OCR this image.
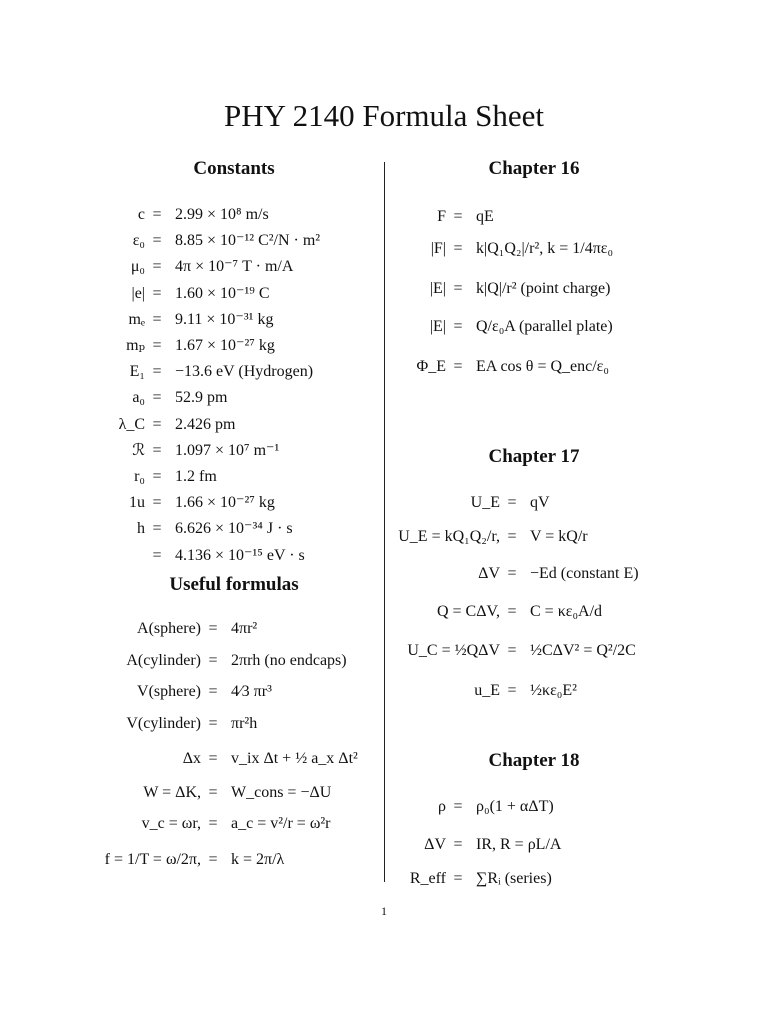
PHY 2140 Formula Sheet
Constants
Useful formulas
Chapter 16
Chapter 17
Chapter 18
c = 2.99 × 10⁸ m/s
ε₀ = 8.85 × 10⁻¹² C²/N · m²
μ₀ = 4π × 10⁻⁷ T · m/A
|e| = 1.60 × 10⁻¹⁹ C
mₑ = 9.11 × 10⁻³¹ kg
mₚ = 1.67 × 10⁻²⁷ kg
E₁ = −13.6 eV (Hydrogen)
a₀ = 52.9 pm
λ_C = 2.426 pm
ℛ = 1.097 × 10⁷ m⁻¹
r₀ = 1.2 fm
1u = 1.66 × 10⁻²⁷ kg
h = 6.626 × 10⁻³⁴ J · s
= 4.136 × 10⁻¹⁵ eV · s
A(sphere) = 4πr²
A(cylinder) = 2πrh (no endcaps)
V(sphere) = 4⁄3 πr³
V(cylinder) = πr²h
Δx = v_ix Δt + ½ a_x Δt²
W = ΔK, = W_cons = −ΔU
v_c = ωr, = a_c = v²/r = ω²r
f = 1/T = ω/2π, = k = 2π/λ
F = qE
|F| = k|Q₁Q₂|/r², k = 1/4πε₀
|E| = k|Q|/r² (point charge)
|E| = Q/ε₀A (parallel plate)
Φ_E = EA cos θ = Q_enc/ε₀
U_E = qV
U_E = kQ₁Q₂/r, = V = kQ/r
ΔV = −Ed (constant E)
Q = CΔV, = C = κε₀A/d
U_C = ½QΔV = ½CΔV² = Q²/2C
u_E = ½κε₀E²
ρ = ρ₀(1 + αΔT)
ΔV = IR, R = ρL/A
R_eff = ∑Rᵢ (series)
1
